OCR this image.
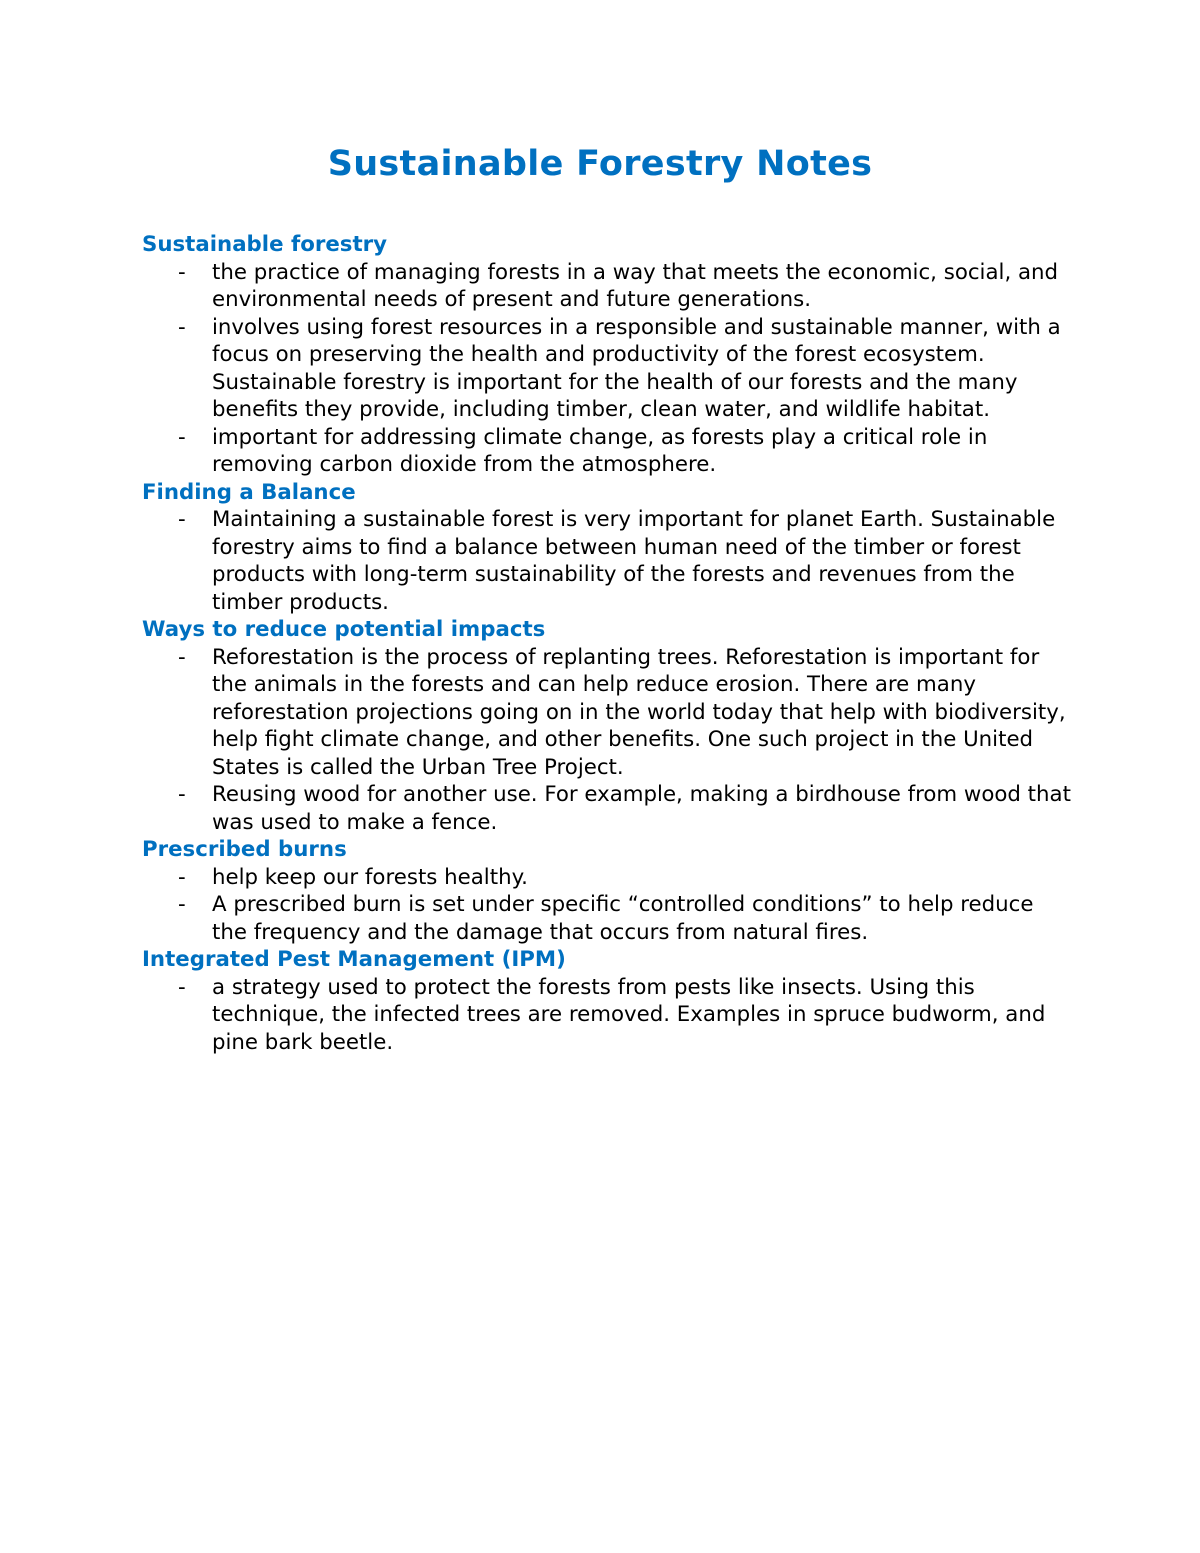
Sustainable Forestry Notes
Sustainable forestry
- the practice of managing forests in a way that meets the economic, social, and environmental needs of present and future generations.
- involves using forest resources in a responsible and sustainable manner, with a focus on preserving the health and productivity of the forest ecosystem. Sustainable forestry is important for the health of our forests and the many benefits they provide, including timber, clean water, and wildlife habitat.
- important for addressing climate change, as forests play a critical role in removing carbon dioxide from the atmosphere.
Finding a Balance
- Maintaining a sustainable forest is very important for planet Earth. Sustainable forestry aims to find a balance between human need of the timber or forest products with long-term sustainability of the forests and revenues from the timber products.
Ways to reduce potential impacts
- Reforestation is the process of replanting trees. Reforestation is important for the animals in the forests and can help reduce erosion. There are many reforestation projections going on in the world today that help with biodiversity, help fight climate change, and other benefits. One such project in the United States is called the Urban Tree Project.
- Reusing wood for another use. For example, making a birdhouse from wood that was used to make a fence.
Prescribed burns
- help keep our forests healthy.
- A prescribed burn is set under specific “controlled conditions” to help reduce the frequency and the damage that occurs from natural fires.
Integrated Pest Management (IPM)
- a strategy used to protect the forests from pests like insects. Using this technique, the infected trees are removed. Examples in spruce budworm, and pine bark beetle.
